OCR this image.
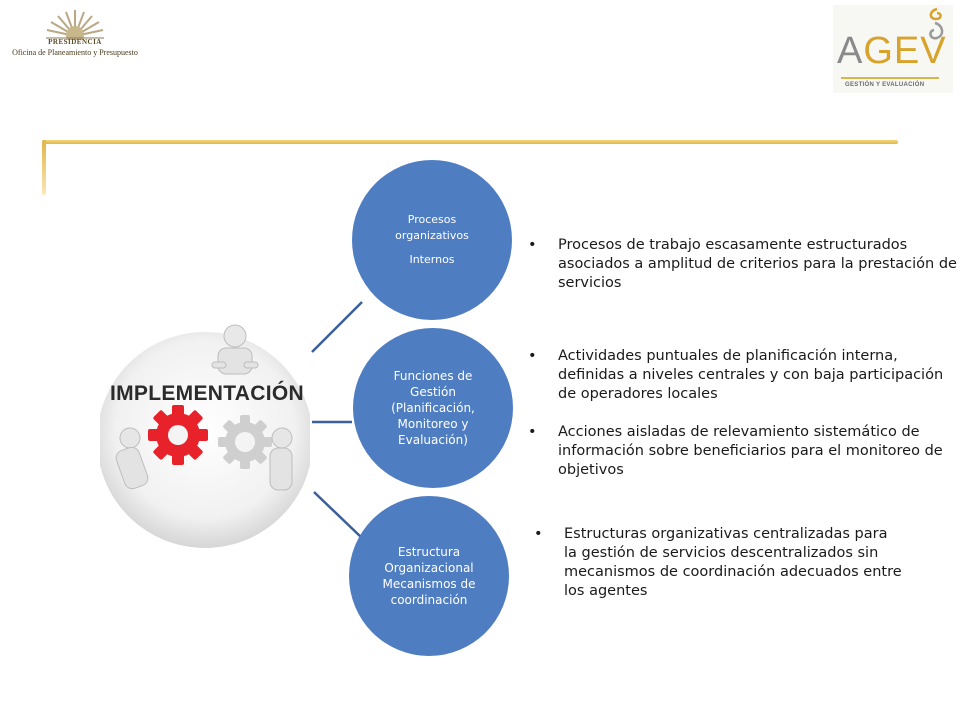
PRESIDENCIA
Oficina de Planeamiento y Presupuesto	AGEV
GESTIÓN Y EVALUACIÓN
IMPLEMENTACIÓN
Procesos organizativos
Internos
Funciones de Gestión (Planificación, Monitoreo y Evaluación)
Estructura Organizacional Mecanismos de coordinación
• Procesos de trabajo escasamente estructurados asociados a amplitud de criterios para la prestación de servicios
• Actividades puntuales de planificación interna, definidas a niveles centrales y con baja participación de operadores locales
• Acciones aisladas de relevamiento sistemático de información sobre beneficiarios para el monitoreo de objetivos
• Estructuras organizativas centralizadas para la gestión de servicios descentralizados sin mecanismos de coordinación adecuados entre los agentes
